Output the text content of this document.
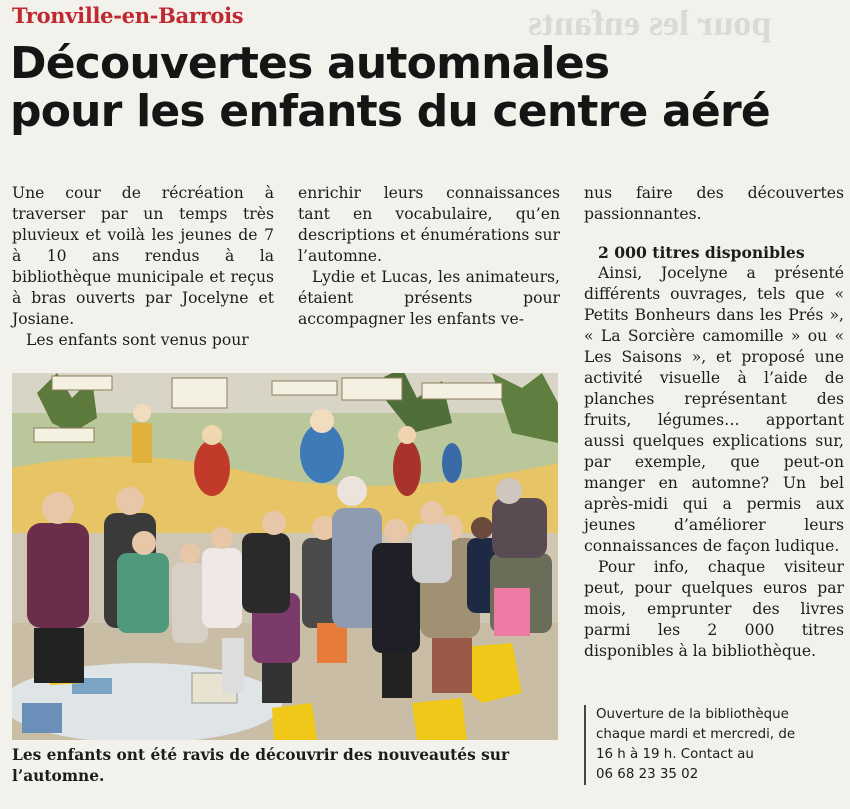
pour les enfants
Tronville-en-Barrois
Découvertes automnales
pour les enfants du centre aéré

Une cour de récréation à traverser par un temps très pluvieux et voilà les jeunes de 7 à 10 ans rendus à la bibliothèque municipale et reçus à bras ouverts par Jocelyne et Josiane.

Les enfants sont venus pour

enrichir leurs connaissances tant en vocabulaire, qu’en descriptions et énumérations sur l’automne.

Lydie et Lucas, les animateurs, étaient présents pour accompagner les enfants ve-

nus faire des découvertes passionnantes.

2 000 titres disponibles

Ainsi, Jocelyne a présenté différents ouvrages, tels que « Petits Bonheurs dans les Prés », « La Sorcière camomille » ou « Les Saisons », et proposé une activité visuelle à l’aide de planches représentant des fruits, légumes… apportant aussi quelques explications sur, par exemple, que peut-on manger en automne? Un bel après-midi qui a permis aux jeunes d’améliorer leurs connaissances de façon ludique.

Pour info, chaque visiteur peut, pour quelques euros par mois, emprunter des livres parmi les 2 000 titres disponibles à la bibliothèque.

Ouverture de la bibliothèque
chaque mardi et mercredi, de
16 h à 19 h. Contact au
06 68 23 35 02
Les enfants ont été ravis de découvrir des nouveautés sur l’automne.
